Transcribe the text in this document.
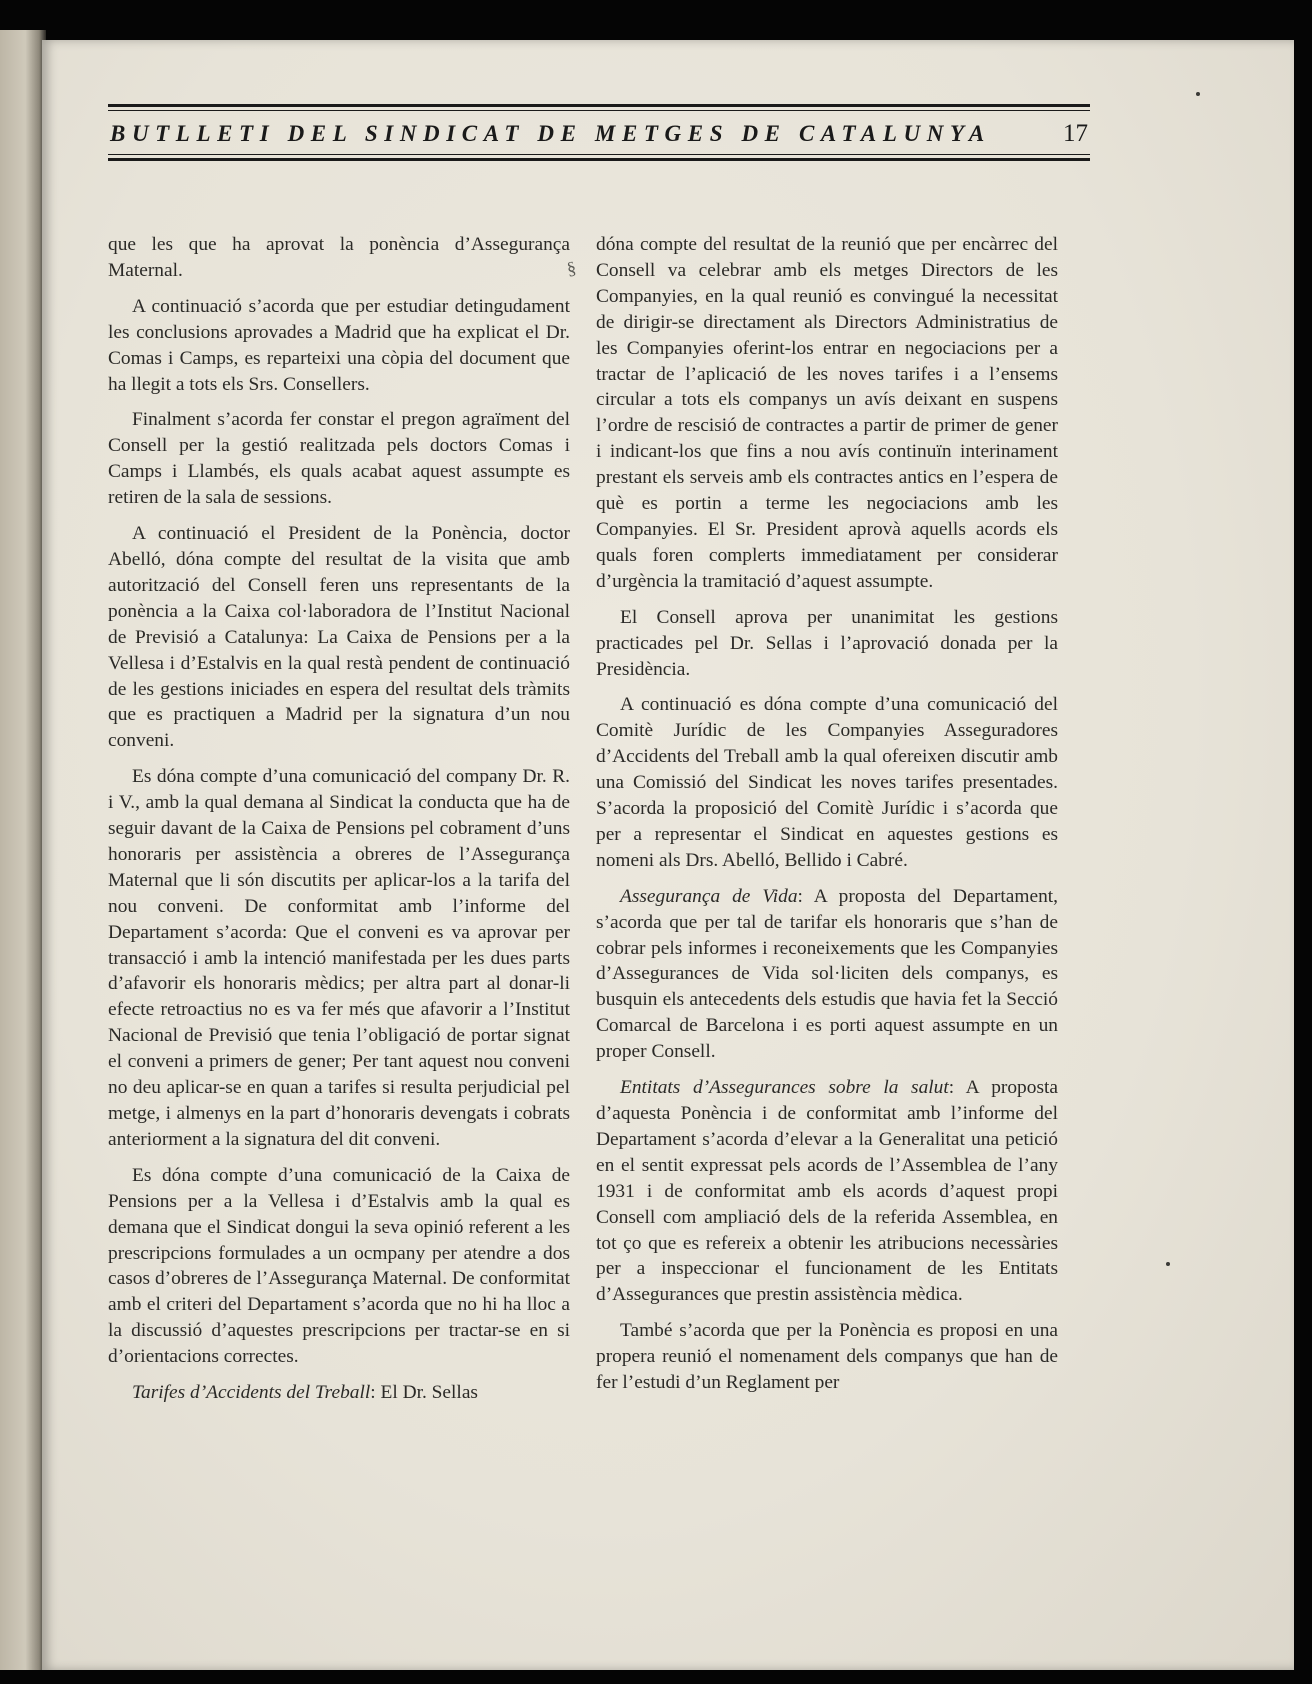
BUTLLETI DEL SINDICAT DE METGES DE CATALUNYA	17

que les que ha aprovat la ponència d’Assegurança Maternal.

A continuació s’acorda que per estudiar detingudament les conclusions aprovades a Madrid que ha explicat el Dr. Comas i Camps, es reparteixi una còpia del document que ha llegit a tots els Srs. Consellers.

Finalment s’acorda fer constar el pregon agraïment del Consell per la gestió realitzada pels doctors Comas i Camps i Llambés, els quals acabat aquest assumpte es retiren de la sala de sessions.

A continuació el President de la Ponència, doctor Abelló, dóna compte del resultat de la visita que amb autorització del Consell feren uns representants de la ponència a la Caixa col·laboradora de l’Institut Nacional de Previsió a Catalunya: La Caixa de Pensions per a la Vellesa i d’Estalvis en la qual restà pendent de continuació de les gestions iniciades en espera del resultat dels tràmits que es practiquen a Madrid per la signatura d’un nou conveni.

Es dóna compte d’una comunicació del company Dr. R. i V., amb la qual demana al Sindicat la conducta que ha de seguir davant de la Caixa de Pensions pel cobrament d’uns honoraris per assistència a obreres de l’Assegurança Maternal que li són discutits per aplicar-los a la tarifa del nou conveni. De conformitat amb l’informe del Departament s’acorda: Que el conveni es va aprovar per transacció i amb la intenció manifestada per les dues parts d’afavorir els honoraris mèdics; per altra part al donar-li efecte retroactius no es va fer més que afavorir a l’Institut Nacional de Previsió que tenia l’obligació de portar signat el conveni a primers de gener; Per tant aquest nou conveni no deu aplicar-se en quan a tarifes si resulta perjudicial pel metge, i almenys en la part d’honoraris devengats i cobrats anteriorment a la signatura del dit conveni.

Es dóna compte d’una comunicació de la Caixa de Pensions per a la Vellesa i d’Estalvis amb la qual es demana que el Sindicat dongui la seva opinió referent a les prescripcions formulades a un ocmpany per atendre a dos casos d’obreres de l’Assegurança Maternal. De conformitat amb el criteri del Departament s’acorda que no hi ha lloc a la discussió d’aquestes prescripcions per tractar-se en si d’orientacions correctes.

Tarifes d’Accidents del Treball: El Dr. Sellas

§

dóna compte del resultat de la reunió que per encàrrec del Consell va celebrar amb els metges Directors de les Companyies, en la qual reunió es convingué la necessitat de dirigir-se directament als Directors Administratius de les Companyies oferint-los entrar en negociacions per a tractar de l’aplicació de les noves tarifes i a l’ensems circular a tots els companys un avís deixant en suspens l’ordre de rescisió de contractes a partir de primer de gener i indicant-los que fins a nou avís continuïn interinament prestant els serveis amb els contractes antics en l’espera de què es portin a terme les negociacions amb les Companyies. El Sr. President aprovà aquells acords els quals foren complerts immediatament per considerar d’urgència la tramitació d’aquest assumpte.

El Consell aprova per unanimitat les gestions practicades pel Dr. Sellas i l’aprovació donada per la Presidència.

A continuació es dóna compte d’una comunicació del Comitè Jurídic de les Companyies Asseguradores d’Accidents del Treball amb la qual ofereixen discutir amb una Comissió del Sindicat les noves tarifes presentades. S’acorda la proposició del Comitè Jurídic i s’acorda que per a representar el Sindicat en aquestes gestions es nomeni als Drs. Abelló, Bellido i Cabré.

Assegurança de Vida: A proposta del Departament, s’acorda que per tal de tarifar els honoraris que s’han de cobrar pels informes i reconeixements que les Companyies d’Assegurances de Vida sol·liciten dels companys, es busquin els antecedents dels estudis que havia fet la Secció Comarcal de Barcelona i es porti aquest assumpte en un proper Consell.

Entitats d’Assegurances sobre la salut: A proposta d’aquesta Ponència i de conformitat amb l’informe del Departament s’acorda d’elevar a la Generalitat una petició en el sentit expressat pels acords de l’Assemblea de l’any 1931 i de conformitat amb els acords d’aquest propi Consell com ampliació dels de la referida Assemblea, en tot ço que es refereix a obtenir les atribucions necessàries per a inspeccionar el funcionament de les Entitats d’Assegurances que prestin assistència mèdica.

També s’acorda que per la Ponència es proposi en una propera reunió el nomenament dels companys que han de fer l’estudi d’un Reglament per
